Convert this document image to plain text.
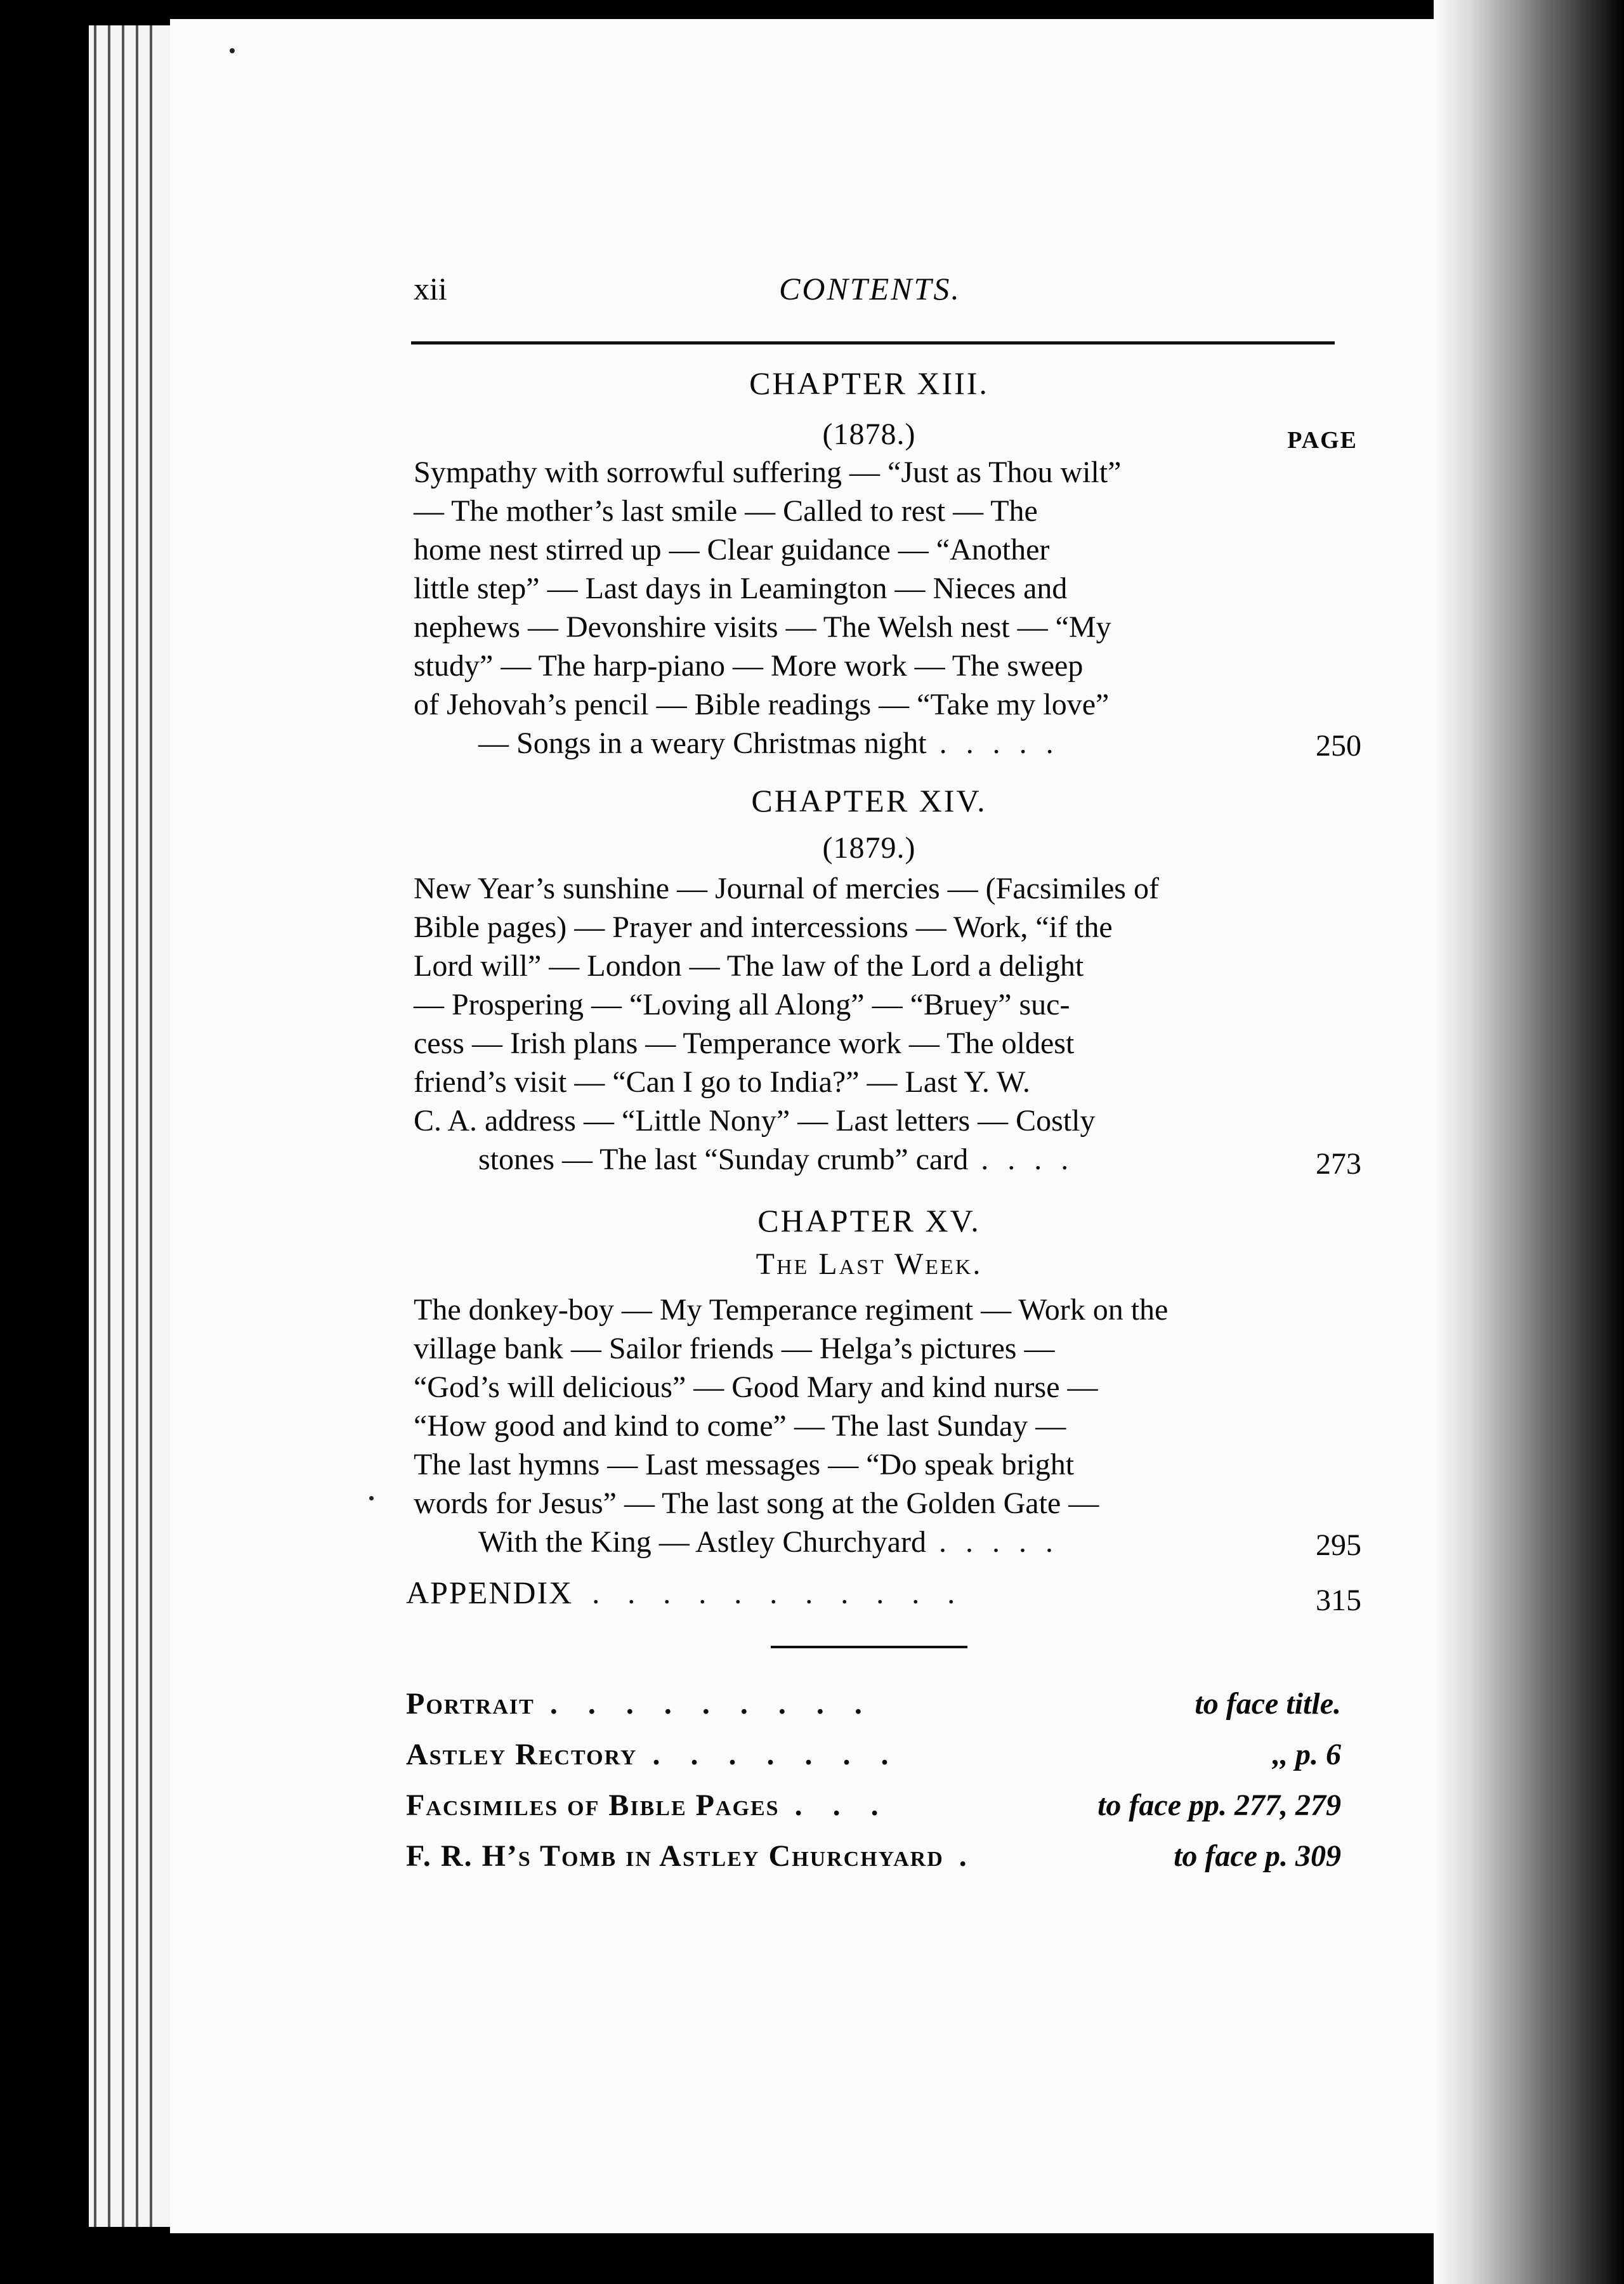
xii	CONTENTS.
CHAPTER XIII.
(1878.)	PAGE
Sympathy with sorrowful suffering — “Just as Thou wilt”
— The mother’s last smile — Called to rest — The
home nest stirred up — Clear guidance — “Another
little step” — Last days in Leamington — Nieces and
nephews — Devonshire visits — The Welsh nest — “My
study” — The harp-piano — More work — The sweep
of Jehovah’s pencil — Bible readings — “Take my love”
— Songs in a weary Christmas night .....	250
CHAPTER XIV.
(1879.)
New Year’s sunshine — Journal of mercies — (Facsimiles of
Bible pages) — Prayer and intercessions — Work, “if the
Lord will” — London — The law of the Lord a delight
— Prospering — “Loving all Along” — “Bruey” suc-
cess — Irish plans — Temperance work — The oldest
friend’s visit — “Can I go to India?” — Last Y. W.
C. A. address — “Little Nony” — Last letters — Costly
stones — The last “Sunday crumb” card ....	273
CHAPTER XV.
The Last Week.
The donkey-boy — My Temperance regiment — Work on the
village bank — Sailor friends — Helga’s pictures —
“God’s will delicious” — Good Mary and kind nurse —
“How good and kind to come” — The last Sunday —
The last hymns — Last messages — “Do speak bright
words for Jesus” — The last song at the Golden Gate —
With the King — Astley Churchyard .....	295
APPENDIX ...........	315
Portrait .........	to face title.
Astley Rectory .......	,, p. 6
Facsimiles of Bible Pages ...	to face pp. 277, 279
F. R. H’s Tomb in Astley Churchyard .	to face p. 309
